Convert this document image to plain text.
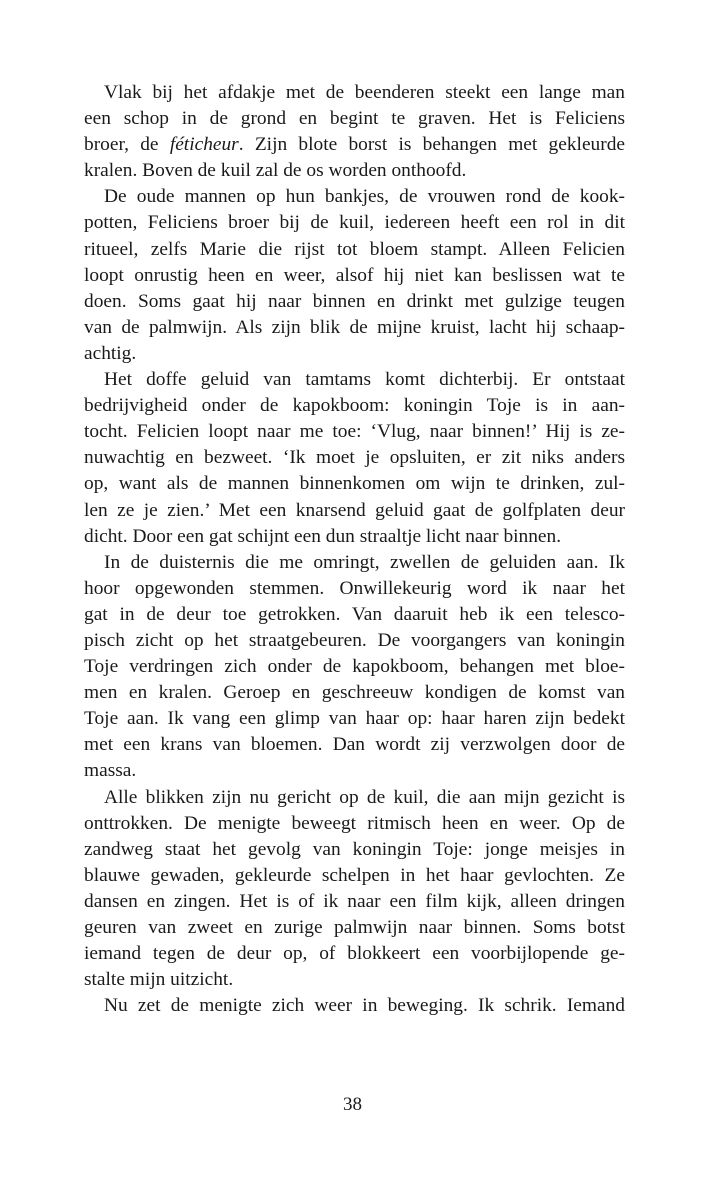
Vlak bij het afdakje met de beenderen steekt een lange man
een schop in de grond en begint te graven. Het is Feliciens
broer, de féticheur. Zijn blote borst is behangen met gekleurde
kralen. Boven de kuil zal de os worden onthoofd.
De oude mannen op hun bankjes, de vrouwen rond de kook-
potten, Feliciens broer bij de kuil, iedereen heeft een rol in dit
ritueel, zelfs Marie die rijst tot bloem stampt. Alleen Felicien
loopt onrustig heen en weer, alsof hij niet kan beslissen wat te
doen. Soms gaat hij naar binnen en drinkt met gulzige teugen
van de palmwijn. Als zijn blik de mijne kruist, lacht hij schaap-
achtig.
Het doffe geluid van tamtams komt dichterbij. Er ontstaat
bedrijvigheid onder de kapokboom: koningin Toje is in aan-
tocht. Felicien loopt naar me toe: ‘Vlug, naar binnen!’ Hij is ze-
nuwachtig en bezweet. ‘Ik moet je opsluiten, er zit niks anders
op, want als de mannen binnenkomen om wijn te drinken, zul-
len ze je zien.’ Met een knarsend geluid gaat de golfplaten deur
dicht. Door een gat schijnt een dun straaltje licht naar binnen.
In de duisternis die me omringt, zwellen de geluiden aan. Ik
hoor opgewonden stemmen. Onwillekeurig word ik naar het
gat in de deur toe getrokken. Van daaruit heb ik een telesco-
pisch zicht op het straatgebeuren. De voorgangers van koningin
Toje verdringen zich onder de kapokboom, behangen met bloe-
men en kralen. Geroep en geschreeuw kondigen de komst van
Toje aan. Ik vang een glimp van haar op: haar haren zijn bedekt
met een krans van bloemen. Dan wordt zij verzwolgen door de
massa.
Alle blikken zijn nu gericht op de kuil, die aan mijn gezicht is
onttrokken. De menigte beweegt ritmisch heen en weer. Op de
zandweg staat het gevolg van koningin Toje: jonge meisjes in
blauwe gewaden, gekleurde schelpen in het haar gevlochten. Ze
dansen en zingen. Het is of ik naar een film kijk, alleen dringen
geuren van zweet en zurige palmwijn naar binnen. Soms botst
iemand tegen de deur op, of blokkeert een voorbijlopende ge-
stalte mijn uitzicht.
Nu zet de menigte zich weer in beweging. Ik schrik. Iemand
38
